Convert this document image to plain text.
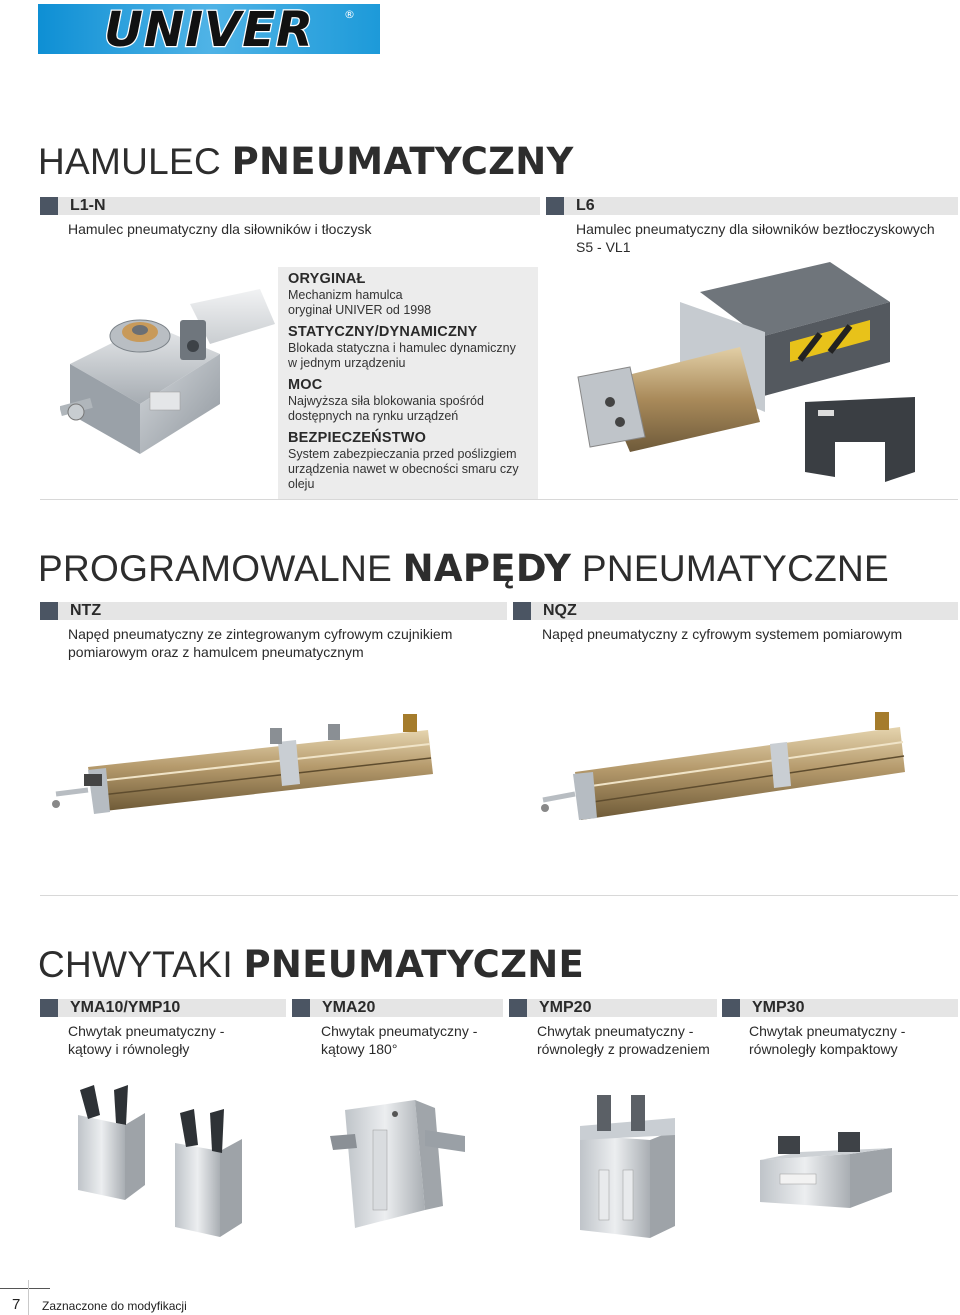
UNIVER	®
HAMULEC PNEUMATYCZNY
L1-N
Hamulec pneumatyczny dla siłowników i tłoczysk
L6
Hamulec pneumatyczny dla siłowników beztłoczyskowych
S5 - VL1
ORYGINAŁ

Mechanizm hamulca

oryginał UNIVER od 1998

STATYCZNY/DYNAMICZNY

Blokada statyczna i hamulec dynamiczny

w jednym urządzeniu

MOC

Najwyższa siła blokowania spośród

dostępnych na rynku urządzeń

BEZPIECZEŃSTWO

System zabezpieczania przed poślizgiem

urządzenia nawet w obecności smaru czy

oleju

PROGRAMOWALNE NAPĘDY PNEUMATYCZNE
NTZ
Napęd pneumatyczny ze zintegrowanym cyfrowym czujnikiem
pomiarowym oraz z hamulcem pneumatycznym
NQZ
Napęd pneumatyczny z cyfrowym systemem pomiarowym
CHWYTAKI PNEUMATYCZNE
YMA10/YMP10
Chwytak pneumatyczny -
kątowy i równoległy
YMA20
Chwytak pneumatyczny -
kątowy 180°
YMP20
Chwytak pneumatyczny -
równoległy z prowadzeniem
YMP30
Chwytak pneumatyczny -
równoległy kompaktowy
7 Zaznaczone do modyfikacji
